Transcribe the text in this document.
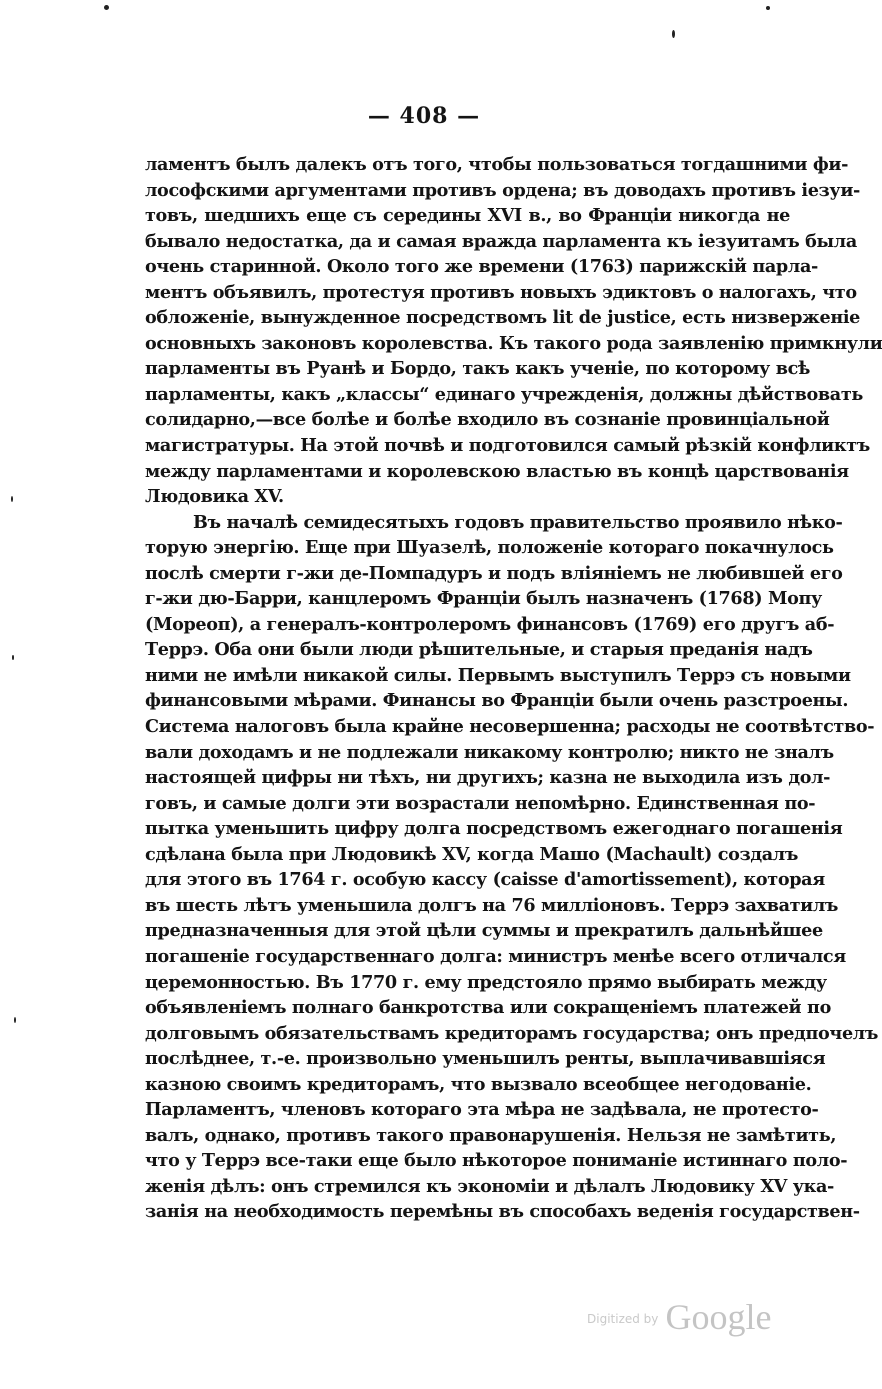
— 408 —
ламентъ былъ далекъ отъ того, чтобы пользоваться тогдашними фи-
лософскими аргументами противъ ордена; въ доводахъ противъ іезуи-
товъ, шедшихъ еще съ середины XVI в., во Франціи никогда не
бывало недостатка, да и самая вражда парламента къ іезуитамъ была
очень старинной. Около того же времени (1763) парижскій парла-
ментъ объявилъ, протестуя противъ новыхъ эдиктовъ о налогахъ, что
обложеніе, вынужденное посредствомъ lit de justice, есть низверженіе
основныхъ законовъ королевства. Къ такого рода заявленію примкнули
парламенты въ Руанѣ и Бордо, такъ какъ ученіе, по которому всѣ
парламенты, какъ „классы“ единаго учрежденія, должны дѣйствовать
солидарно,—все болѣе и болѣе входило въ сознаніе провинціальной
магистратуры. На этой почвѣ и подготовился самый рѣзкій конфликтъ
между парламентами и королевскою властью въ концѣ царствованія
Людовика XV.
Въ началѣ семидесятыхъ годовъ правительство проявило нѣко-
торую энергію. Еще при Шуазелѣ, положеніе котораго покачнулось
послѣ смерти г-жи де-Помпадуръ и подъ вліяніемъ не любившей его
г-жи дю-Барри, канцлеромъ Франціи былъ назначенъ (1768) Мопу
(Мореоп), а генералъ-контролеромъ финансовъ (1769) его другъ аб-
Террэ. Оба они были люди рѣшительные, и старыя преданія надъ
ними не имѣли никакой силы. Первымъ выступилъ Террэ съ новыми
финансовыми мѣрами. Финансы во Франціи были очень разстроены.
Система налоговъ была крайне несовершенна; расходы не соотвѣтство-
вали доходамъ и не подлежали никакому контролю; никто не зналъ
настоящей цифры ни тѣхъ, ни другихъ; казна не выходила изъ дол-
говъ, и самые долги эти возрастали непомѣрно. Единственная по-
пытка уменьшить цифру долга посредствомъ ежегоднаго погашенія
сдѣлана была при Людовикѣ XV, когда Машо (Machault) создалъ
для этого въ 1764 г. особую кассу (caisse d'amortissement), которая
въ шесть лѣтъ уменьшила долгъ на 76 милліоновъ. Террэ захватилъ
предназначенныя для этой цѣли суммы и прекратилъ дальнѣйшее
погашеніе государственнаго долга: министръ менѣе всего отличался
церемонностью. Въ 1770 г. ему предстояло прямо выбирать между
объявленіемъ полнаго банкротства или сокращеніемъ платежей по
долговымъ обязательствамъ кредиторамъ государства; онъ предпочелъ
послѣднее, т.-е. произвольно уменьшилъ ренты, выплачивавшіяся
казною своимъ кредиторамъ, что вызвало всеобщее негодованіе.
Парламентъ, членовъ котораго эта мѣра не задѣвала, не протесто-
валъ, однако, противъ такого правонарушенія. Нельзя не замѣтить,
что у Террэ все-таки еще было нѣкоторое пониманіе истиннаго поло-
женія дѣлъ: онъ стремился къ экономіи и дѣлалъ Людовику XV ука-
занія на необходимость перемѣны въ способахъ веденія государствен-
$^{Digitized by}$ Google
